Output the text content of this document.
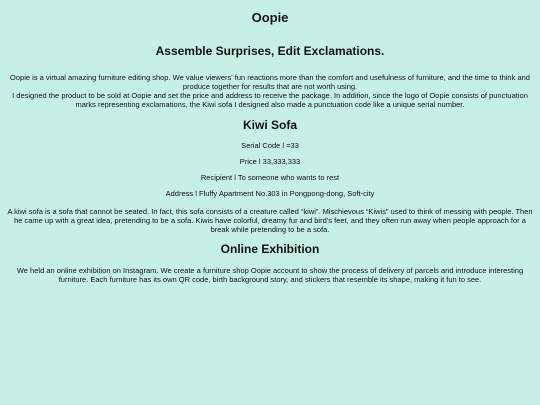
Oopie
Assemble Surprises, Edit Exclamations.

Oopie is a virtual amazing furniture editing shop. We value viewers' fun reactions more than the comfort and usefulness of furniture, and the time to think and produce together for results that are not worth using.

I designed the product to be sold at Oopie and set the price and address to receive the package. In addition, since the logo of Oopie consists of punctuation marks representing exclamations, the Kiwi sofa I designed also made a punctuation code like a unique serial number.

Kiwi Sofa

Serial Code l =33

Price l 33,333,333

Recipient l To someone who wants to rest

Address l Fluffy Apartment No.303 in Pongpong-dong, Soft-city

A kiwi sofa is a sofa that cannot be seated. In fact, this sofa consists of a creature called “kiwi”. Mischievous “Kiwis” used to think of messing with people. Then he came up with a great idea, pretending to be a sofa. Kiwis have colorful, dreamy fur and bird’s feet, and they often run away when people approach for a break while pretending to be a sofa.

Online Exhibition

We held an online exhibition on Instagram. We create a furniture shop Oopie account to show the process of delivery of parcels and introduce interesting furniture. Each furniture has its own QR code, birth background story, and stickers that resemble its shape, making it fun to see.
